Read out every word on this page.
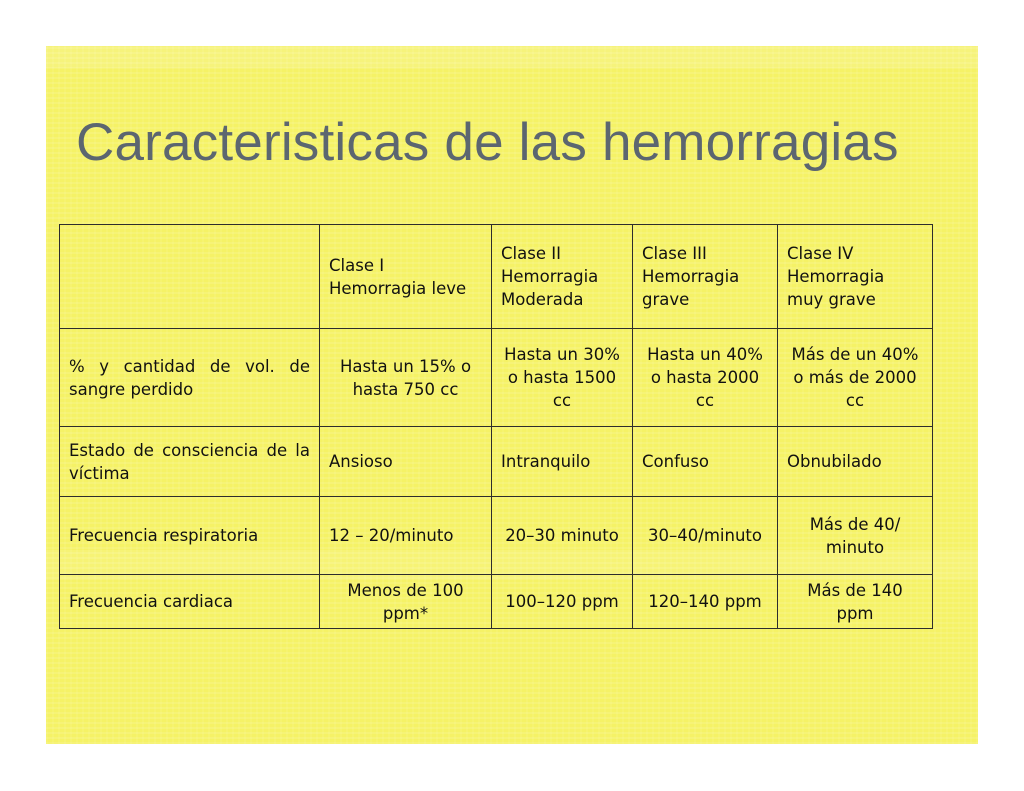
Caracteristicas de las hemorragias
	Clase I Hemorragia leve	Clase II Hemorragia Moderada	Clase III Hemorragia grave	Clase IV Hemorragia muy grave
% y cantidad de vol. de sangre perdido	Hasta un 15% o hasta 750 cc	Hasta un 30% o hasta 1500 cc	Hasta un 40% o hasta 2000 cc	Más de un 40% o más de 2000 cc
Estado de consciencia de la víctima	Ansioso	Intranquilo	Confuso	Obnubilado
Frecuencia respiratoria	12 – 20/minuto	20–30 minuto	30–40/minuto	Más de 40/ minuto
Frecuencia cardiaca	Menos de 100 ppm*	100–120 ppm	120–140 ppm	Más de 140 ppm
